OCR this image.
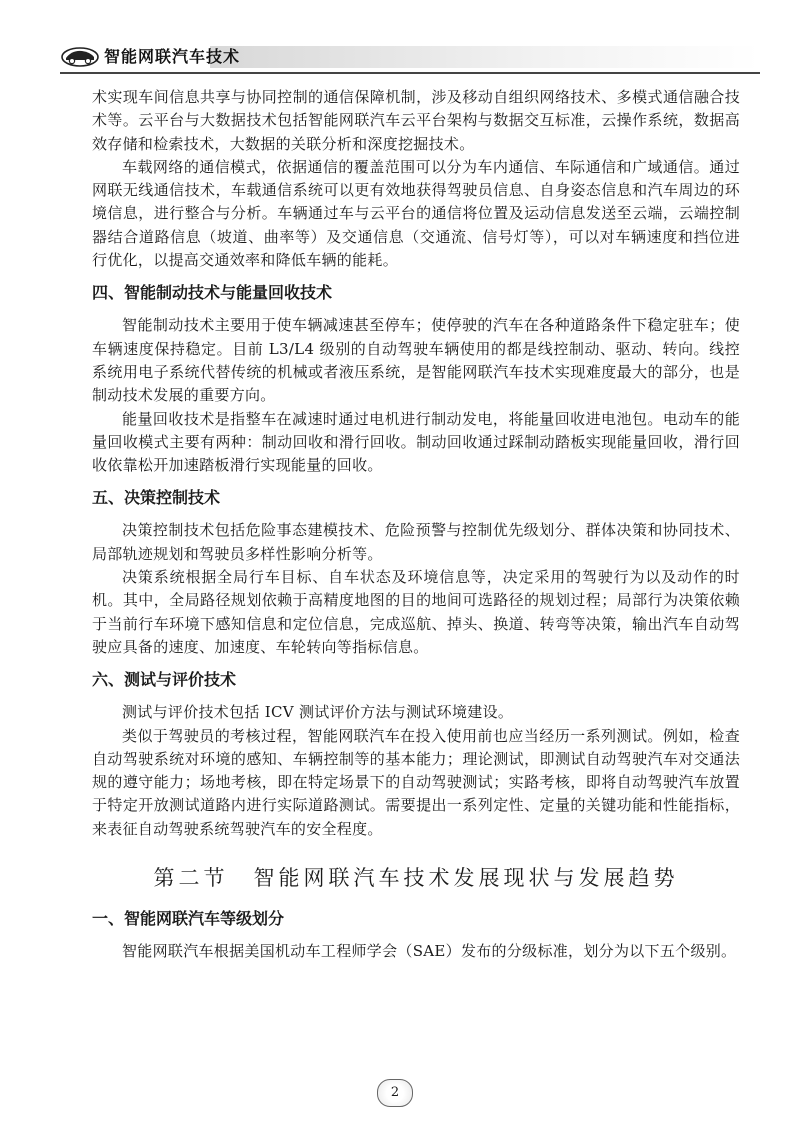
智能网联汽车技术

术实现车间信息共享与协同控制的通信保障机制，涉及移动自组织网络技术、多模式通信融合技术等。云平台与大数据技术包括智能网联汽车云平台架构与数据交互标准，云操作系统，数据高效存储和检索技术，大数据的关联分析和深度挖掘技术。

车载网络的通信模式，依据通信的覆盖范围可以分为车内通信、车际通信和广域通信。通过网联无线通信技术，车载通信系统可以更有效地获得驾驶员信息、自身姿态信息和汽车周边的环境信息，进行整合与分析。车辆通过车与云平台的通信将位置及运动信息发送至云端，云端控制器结合道路信息（坡道、曲率等）及交通信息（交通流、信号灯等），可以对车辆速度和挡位进行优化，以提高交通效率和降低车辆的能耗。

四、智能制动技术与能量回收技术

智能制动技术主要用于使车辆减速甚至停车；使停驶的汽车在各种道路条件下稳定驻车；使车辆速度保持稳定。目前 L3/L4 级别的自动驾驶车辆使用的都是线控制动、驱动、转向。线控系统用电子系统代替传统的机械或者液压系统，是智能网联汽车技术实现难度最大的部分，也是制动技术发展的重要方向。

能量回收技术是指整车在减速时通过电机进行制动发电，将能量回收进电池包。电动车的能量回收模式主要有两种：制动回收和滑行回收。制动回收通过踩制动踏板实现能量回收，滑行回收依靠松开加速踏板滑行实现能量的回收。

五、决策控制技术

决策控制技术包括危险事态建模技术、危险预警与控制优先级划分、群体决策和协同技术、局部轨迹规划和驾驶员多样性影响分析等。

决策系统根据全局行车目标、自车状态及环境信息等，决定采用的驾驶行为以及动作的时机。其中，全局路径规划依赖于高精度地图的目的地间可选路径的规划过程；局部行为决策依赖于当前行车环境下感知信息和定位信息，完成巡航、掉头、换道、转弯等决策，输出汽车自动驾驶应具备的速度、加速度、车轮转向等指标信息。

六、测试与评价技术

测试与评价技术包括 ICV 测试评价方法与测试环境建设。

类似于驾驶员的考核过程，智能网联汽车在投入使用前也应当经历一系列测试。例如，检查自动驾驶系统对环境的感知、车辆控制等的基本能力；理论测试，即测试自动驾驶汽车对交通法规的遵守能力；场地考核，即在特定场景下的自动驾驶测试；实路考核，即将自动驾驶汽车放置于特定开放测试道路内进行实际道路测试。需要提出一系列定性、定量的关键功能和性能指标，来表征自动驾驶系统驾驶汽车的安全程度。

第二节　智能网联汽车技术发展现状与发展趋势
一、智能网联汽车等级划分

智能网联汽车根据美国机动车工程师学会（SAE）发布的分级标准，划分为以下五个级别。

2
